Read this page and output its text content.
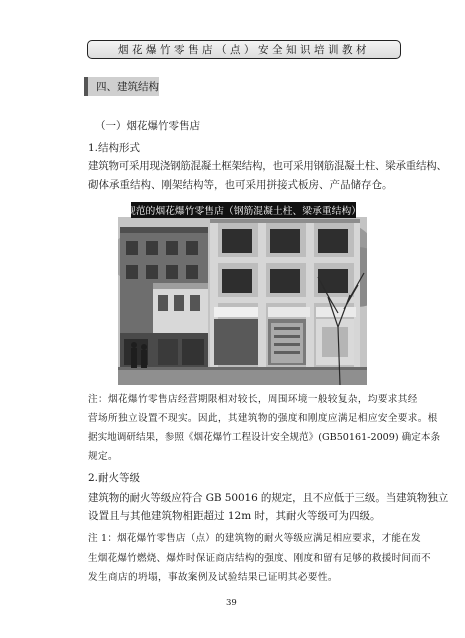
烟花爆竹零售店（点）安全知识培训教材
四、建筑结构
（一）烟花爆竹零售店
1.结构形式
建筑物可采用现浇钢筋混凝土框架结构，也可采用钢筋混凝土柱、梁承重结构、
砌体承重结构、刚架结构等，也可采用拼接式板房、产品储存仓。
规范的烟花爆竹零售店（钢筋混凝土柱、梁承重结构）
注：烟花爆竹零售店经营期限相对较长，周围环境一般较复杂，均要求其经
营场所独立设置不现实。因此，其建筑物的强度和刚度应满足相应安全要求。根
据实地调研结果，参照《烟花爆竹工程设计安全规范》(GB50161-2009) 确定本条
规定。
2.耐火等级
建筑物的耐火等级应符合 GB 50016 的规定，且不应低于三级。当建筑物独立
设置且与其他建筑物相距超过 12m 时，其耐火等级可为四级。
注 1：烟花爆竹零售店（点）的建筑物的耐火等级应满足相应要求，才能在发
生烟花爆竹燃烧、爆炸时保证商店结构的强度、刚度和留有足够的救援时间而不
发生商店的坍塌，事故案例及试验结果已证明其必要性。
39
